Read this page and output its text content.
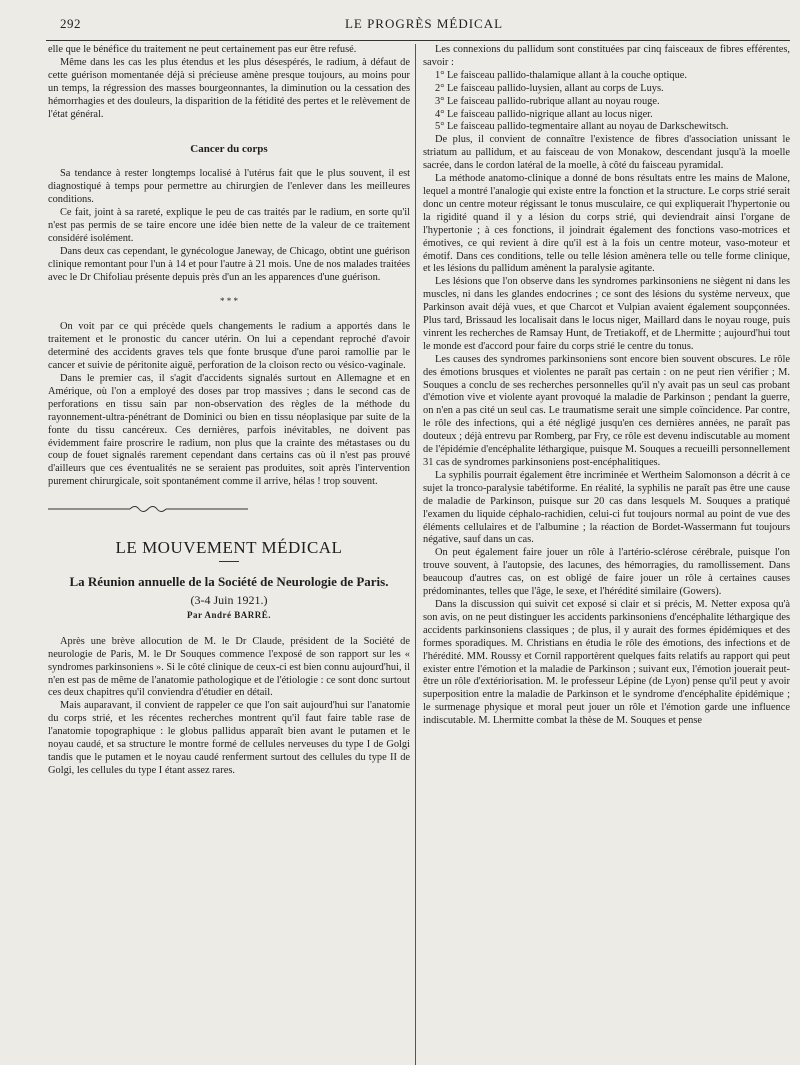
292	LE PROGRÈS MÉDICAL

elle que le bénéfice du traitement ne peut certainement pas eur être refusé.

Même dans les cas les plus étendus et les plus désespérés, le radium, à défaut de cette guérison momentanée déjà si précieuse amène presque toujours, au moins pour un temps, la régression des masses bourgeonnantes, la diminution ou la cessation des hémorrhagies et des douleurs, la disparition de la fétidité des pertes et le relèvement de l'état général.

Cancer du corps

Sa tendance à rester longtemps localisé à l'utérus fait que le plus souvent, il est diagnostiqué à temps pour permettre au chirurgien de l'enlever dans les meilleures conditions.

Ce fait, joint à sa rareté, explique le peu de cas traités par le radium, en sorte qu'il n'est pas permis de se taire encore une idée bien nette de la valeur de ce traitement considéré isolément.

Dans deux cas cependant, le gynécologue Janeway, de Chicago, obtint une guérison clinique remontant pour l'un à 14 et pour l'autre à 21 mois. Une de nos malades traitées avec le Dr Chifoliau présente depuis près d'un an les apparences d'une guérison.

* * *

On voit par ce qui précède quels changements le radium a apportés dans le traitement et le pronostic du cancer utérin. On lui a cependant reproché d'avoir determiné des accidents graves tels que fonte brusque d'une paroi ramollie par le cancer et suivie de péritonite aiguë, perforation de la cloison recto ou vésico-vaginale.

Dans le premier cas, il s'agit d'accidents signalés surtout en Allemagne et en Amérique, où l'on a employé des doses par trop massives ; dans le second cas de perforations en tissu sain par non-observation des règles de la méthode du rayonnement-ultra-pénétrant de Dominici ou bien en tissu néoplasique par suite de la fonte du tissu cancéreux. Ces dernières, parfois inévitables, ne doivent pas évidemment faire proscrire le radium, non plus que la crainte des métastases ou du coup de fouet signalés rarement cependant dans certains cas où il n'est pas prouvé d'ailleurs que ces éventualités ne se seraient pas produites, soit après l'intervention purement chirurgicale, soit spontanément comme il arrive, hélas ! trop souvent.

LE MOUVEMENT MÉDICAL
La Réunion annuelle de la Société de Neurologie de Paris.
(3-4 Juin 1921.)
Par André BARRÉ.

Après une brève allocution de M. le Dr Claude, président de la Société de neurologie de Paris, M. le Dr Souques commence l'exposé de son rapport sur les « syndromes parkinsoniens ». Si le côté clinique de ceux-ci est bien connu aujourd'hui, il n'en est pas de même de l'anatomie pathologique et de l'étiologie : ce sont donc surtout ces deux chapitres qu'il conviendra d'étudier en détail.

Mais auparavant, il convient de rappeler ce que l'on sait aujourd'hui sur l'anatomie du corps strié, et les récentes recherches montrent qu'il faut faire table rase de l'anatomie topographique : le globus pallidus apparaît bien avant le putamen et le noyau caudé, et sa structure le montre formé de cellules nerveuses du type I de Golgi tandis que le putamen et le noyau caudé renferment surtout des cellules du type II de Golgi, les cellules du type I étant assez rares.

Les connexions du pallidum sont constituées par cinq faisceaux de fibres efférentes, savoir :

1° Le faisceau pallido-thalamique allant à la couche optique.

2° Le faisceau pallido-luysien, allant au corps de Luys.

3° Le faisceau pallido-rubrique allant au noyau rouge.

4° Le faisceau pallido-nigrique allant au locus niger.

5° Le faisceau pallido-tegmentaire allant au noyau de Darkschewitsch.

De plus, il convient de connaître l'existence de fibres d'association unissant le striatum au pallidum, et au faisceau de von Monakow, descendant jusqu'à la moelle sacrée, dans le cordon latéral de la moelle, à côté du faisceau pyramidal.

La méthode anatomo-clinique a donné de bons résultats entre les mains de Malone, lequel a montré l'analogie qui existe entre la fonction et la structure. Le corps strié serait donc un centre moteur régissant le tonus musculaire, ce qui expliquerait l'hypertonie ou la rigidité quand il y a lésion du corps strié, qui deviendrait ainsi l'organe de l'hypertonie ; à ces fonctions, il joindrait également des fonctions vaso-motrices et émotives, ce qui revient à dire qu'il est à la fois un centre moteur, vaso-moteur et émotif. Dans ces conditions, telle ou telle lésion amènera telle ou telle forme clinique, et les lésions du pallidum amènent la paralysie agitante.

Les lésions que l'on observe dans les syndromes parkinsoniens ne siègent ni dans les muscles, ni dans les glandes endocrines ; ce sont des lésions du système nerveux, que Parkinson avait déjà vues, et que Charcot et Vulpian avaient également soupçonnées. Plus tard, Brissaud les localisait dans le locus niger, Maillard dans le noyau rouge, puis vinrent les recherches de Ramsay Hunt, de Tretiakoff, et de Lhermitte ; aujourd'hui tout le monde est d'accord pour faire du corps strié le centre du tonus.

Les causes des syndromes parkinsoniens sont encore bien souvent obscures. Le rôle des émotions brusques et violentes ne paraît pas certain : on ne peut rien vérifier ; M. Souques a conclu de ses recherches personnelles qu'il n'y avait pas un seul cas probant d'émotion vive et violente ayant provoqué la maladie de Parkinson ; pendant la guerre, on n'en a pas cité un seul cas. Le traumatisme serait une simple coïncidence. Par contre, le rôle des infections, qui a été négligé jusqu'en ces dernières années, ne paraît pas douteux ; déjà entrevu par Romberg, par Fry, ce rôle est devenu indiscutable au moment de l'épidémie d'encéphalite léthargique, puisque M. Souques a recueilli personnellement 31 cas de syndromes parkinsoniens post-encéphalitiques.

La syphilis pourrait également être incriminée et Wertheim Salomonson a décrit à ce sujet la tronco-paralysie tabétiforme. En réalité, la syphilis ne paraît pas être une cause de maladie de Parkinson, puisque sur 20 cas dans lesquels M. Souques a pratiqué l'examen du liquide céphalo-rachidien, celui-ci fut toujours normal au point de vue des éléments cellulaires et de l'albumine ; la réaction de Bordet-Wassermann fut toujours négative, sauf dans un cas.

On peut également faire jouer un rôle à l'artério-sclérose cérébrale, puisque l'on trouve souvent, à l'autopsie, des lacunes, des hémorragies, du ramollissement. Dans beaucoup d'autres cas, on est obligé de faire jouer un rôle à certaines causes prédominantes, telles que l'âge, le sexe, et l'hérédité similaire (Gowers).

Dans la discussion qui suivit cet exposé si clair et si précis, M. Netter exposa qu'à son avis, on ne peut distinguer les accidents parkinsoniens d'encéphalite léthargique des accidents parkinsoniens classiques ; de plus, il y aurait des formes épidémiques et des formes sporadiques. M. Christians en étudia le rôle des émotions, des infections et de l'hérédité. MM. Roussy et Cornil rapportèrent quelques faits relatifs au rapport qui peut exister entre l'émotion et la maladie de Parkinson ; suivant eux, l'émotion jouerait peut-être un rôle d'extériorisation. M. le professeur Lépine (de Lyon) pense qu'il peut y avoir superposition entre la maladie de Parkinson et le syndrome d'encéphalite épidémique ; le surmenage physique et moral peut jouer un rôle et l'émotion garde une influence indiscutable. M. Lhermitte combat la thèse de M. Souques et pense
